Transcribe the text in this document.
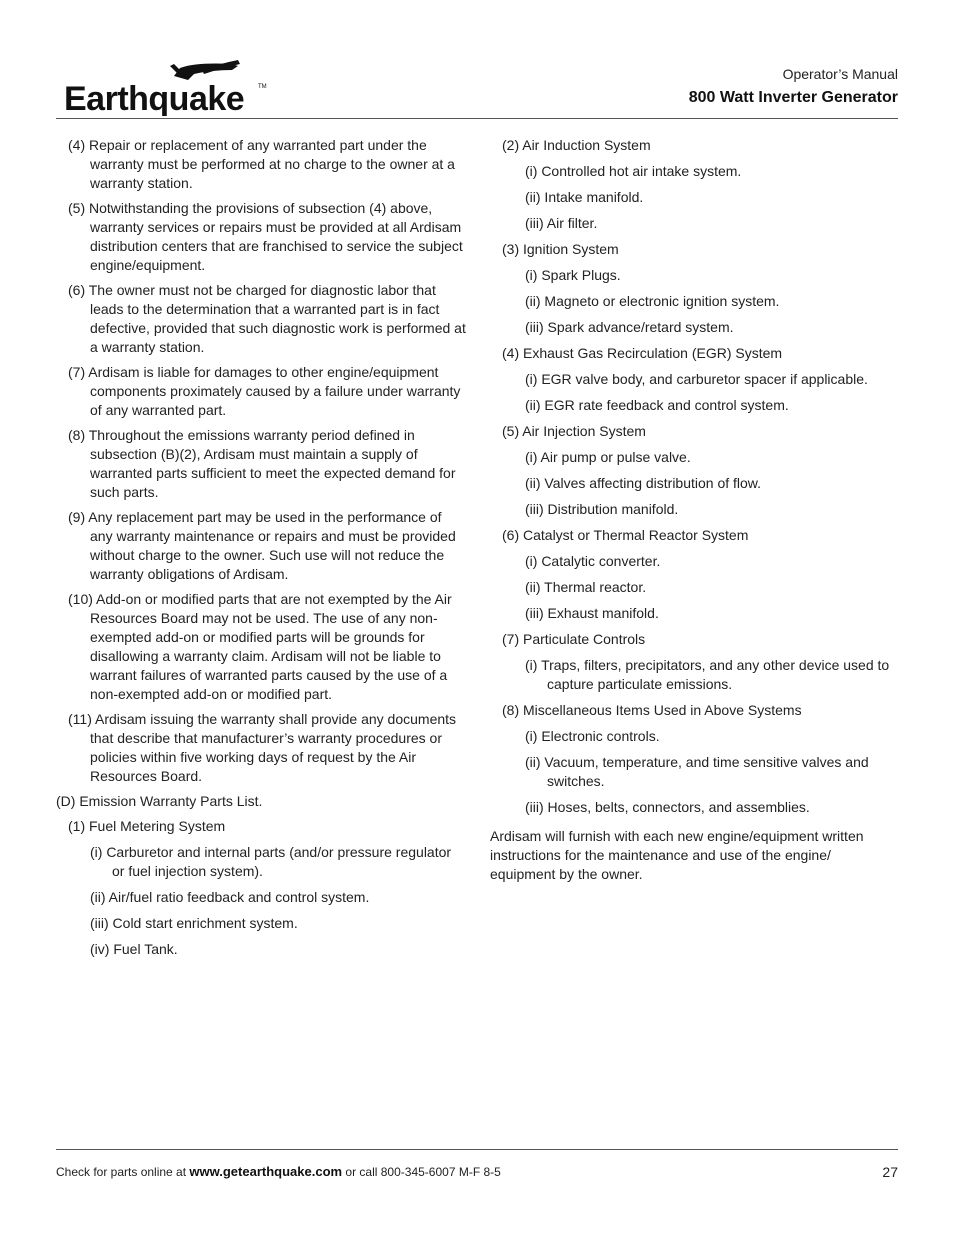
Earthquake TM
Operator’s Manual
800 Watt Inverter Generator

(4) Repair or replacement of any warranted part under the warranty must be performed at no charge to the owner at a warranty station.

(5) Notwithstanding the provisions of subsection (4) above, warranty services or repairs must be provided at all Ardisam distribution centers that are franchised to service the subject engine/equipment.

(6) The owner must not be charged for diagnostic labor that leads to the determination that a warranted part is in fact defective, provided that such diagnostic work is performed at a warranty station.

(7) Ardisam is liable for damages to other engine/equipment components proximately caused by a failure under warranty of any warranted part.

(8) Throughout the emissions warranty period defined in subsection (B)(2), Ardisam must maintain a supply of warranted parts sufficient to meet the expected demand for such parts.

(9) Any replacement part may be used in the performance of any warranty maintenance or repairs and must be provided without charge to the owner. Such use will not reduce the warranty obligations of Ardisam.

(10) Add-on or modified parts that are not exempted by the Air Resources Board may not be used. The use of any non-exempted add-on or modified parts will be grounds for disallowing a warranty claim. Ardisam will not be liable to warrant failures of warranted parts caused by the use of a non-exempted add-on or modified part.

(11) Ardisam issuing the warranty shall provide any documents that describe that manufacturer’s warranty procedures or policies within five working days of request by the Air Resources Board.

(D) Emission Warranty Parts List.

(1) Fuel Metering System

(i) Carburetor and internal parts (and/or pressure regulator or fuel injection system).

(ii) Air/fuel ratio feedback and control system.

(iii) Cold start enrichment system.

(iv) Fuel Tank.

(2) Air Induction System

(i) Controlled hot air intake system.

(ii) Intake manifold.

(iii) Air filter.

(3) Ignition System

(i) Spark Plugs.

(ii) Magneto or electronic ignition system.

(iii) Spark advance/retard system.

(4) Exhaust Gas Recirculation (EGR) System

(i) EGR valve body, and carburetor spacer if applicable.

(ii) EGR rate feedback and control system.

(5) Air Injection System

(i) Air pump or pulse valve.

(ii) Valves affecting distribution of flow.

(iii) Distribution manifold.

(6) Catalyst or Thermal Reactor System

(i) Catalytic converter.

(ii) Thermal reactor.

(iii) Exhaust manifold.

(7) Particulate Controls

(i) Traps, filters, precipitators, and any other device used to capture particulate emissions.

(8) Miscellaneous Items Used in Above Systems

(i) Electronic controls.

(ii) Vacuum, temperature, and time sensitive valves and switches.

(iii) Hoses, belts, connectors, and assemblies.

Ardisam will furnish with each new engine/equipment written instructions for the maintenance and use of the engine/ equipment by the owner.

Check for parts online at www.getearthquake.com or call 800-345-6007 M-F 8-5	27
